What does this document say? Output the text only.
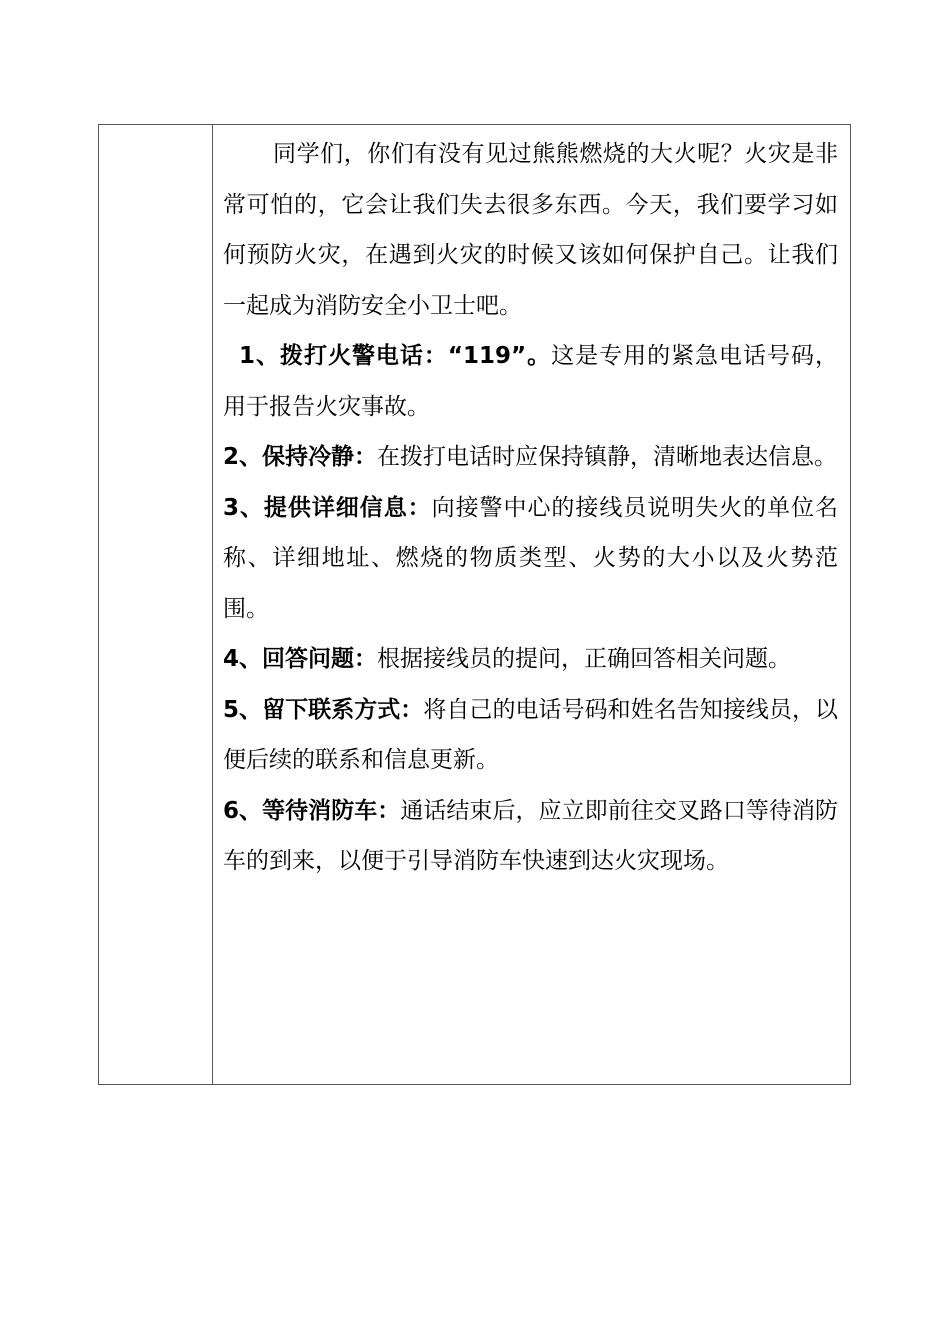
同学们，你们有没有见过熊熊燃烧的大火呢？火灾是非常可怕的，它会让我们失去很多东西。今天，我们要学习如何预防火灾，在遇到火灾的时候又该如何保护自己。让我们一起成为消防安全小卫士吧。

1、拨打火警电话：“119”。这是专用的紧急电话号码，用于报告火灾事故。

2、保持冷静：在拨打电话时应保持镇静，清晰地表达信息。

3、提供详细信息：向接警中心的接线员说明失火的单位名称、详细地址、燃烧的物质类型、火势的大小以及火势范围。

4、回答问题：根据接线员的提问，正确回答相关问题。

5、留下联系方式：将自己的电话号码和姓名告知接线员，以便后续的联系和信息更新。

6、等待消防车：通话结束后，应立即前往交叉路口等待消防车的到来，以便于引导消防车快速到达火灾现场。
